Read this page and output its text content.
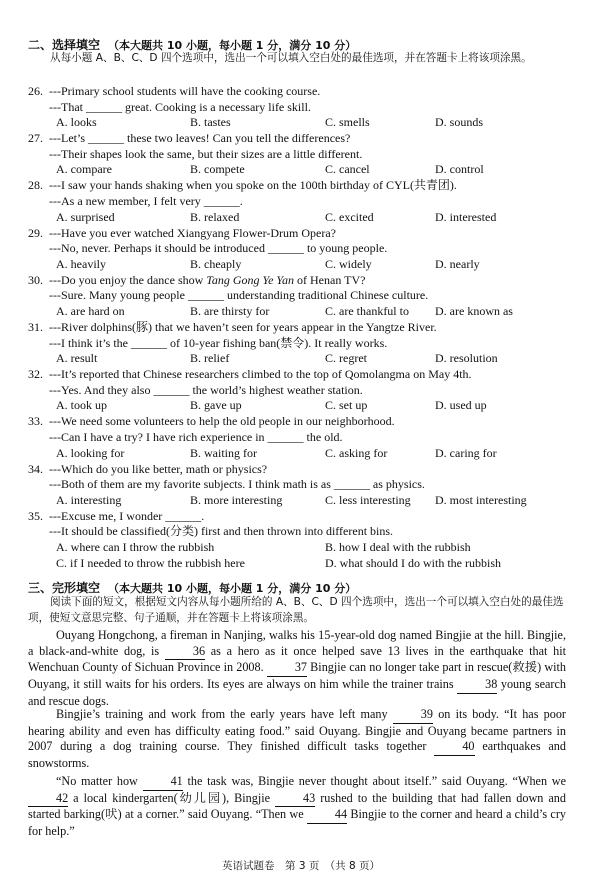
二、选择填空 （本大题共 10 小题，每小题 1 分，满分 10 分）
从每小题 A、B、C、D 四个选项中，选出一个可以填入空白处的最佳选项，并在答题卡上将该项涂黑。
26. ---Primary school students will have the cooking course.
---That ______ great. Cooking is a necessary life skill.
A. looks	B. tastes	C. smells	D. sounds
27. ---Let’s ______ these two leaves! Can you tell the differences?
---Their shapes look the same, but their sizes are a little different.
A. compare	B. compete	C. cancel	D. control
28. ---I saw your hands shaking when you spoke on the 100th birthday of CYL(共青团).
---As a new member, I felt very ______.
A. surprised	B. relaxed	C. excited	D. interested
29. ---Have you ever watched Xiangyang Flower-Drum Opera?
---No, never. Perhaps it should be introduced ______ to young people.
A. heavily	B. cheaply	C. widely	D. nearly
30. ---Do you enjoy the dance show Tang Gong Ye Yan of Henan TV?
---Sure. Many young people ______ understanding traditional Chinese culture.
A. are hard on	B. are thirsty for	C. are thankful to D. are known as
31. ---River dolphins(豚) that we haven’t seen for years appear in the Yangtze River.
---I think it’s the ______ of 10-year fishing ban(禁令). It really works.
A. result	B. relief	C. regret	D. resolution
32. ---It’s reported that Chinese researchers climbed to the top of Qomolangma on May 4th.
---Yes. And they also ______ the world’s highest weather station.
A. took up	B. gave up	C. set up	D. used up
33. ---We need some volunteers to help the old people in our neighborhood.
---Can I have a try? I have rich experience in ______ the old.
A. looking for	B. waiting for	C. asking for	D. caring for
34. ---Which do you like better, math or physics?
---Both of them are my favorite subjects. I think math is as ______ as physics.
A. interesting	B. more interesting	C. less interesting D. most interesting
35. ---Excuse me, I wonder ______.
---It should be classified(分类) first and then thrown into different bins.
A. where can I throw the rubbish	B. how I deal with the rubbish
C. if I needed to throw the rubbish here	D. what should I do with the rubbish
三、完形填空 （本大题共 10 小题，每小题 1 分，满分 10 分）
阅读下面的短文，根据短文内容从每小题所给的 A、B、C、D 四个选项中，选出一个可以填入空白处的最佳选项，使短文意思完整、句子通顺，并在答题卡上将该项涂黑。
Ouyang Hongchong, a fireman in Nanjing, walks his 15-year-old dog named Bingjie at the hill. Bingjie, a black-and-white dog, is 36 as a hero as it once helped save 13 lives in the earthquake that hit Wenchuan County of Sichuan Province in 2008. 37 Bingjie can no longer take part in rescue(救援) with Ouyang, it still waits for his orders. Its eyes are always on him while the trainer trains 38 young search and rescue dogs.
Bingjie’s training and work from the early years have left many 39 on its body. “It has poor hearing ability and even has difficulty eating food.” said Ouyang. Bingjie and Ouyang became partners in 2007 during a dog training course. They finished difficult tasks together 40 earthquakes and snowstorms.
“No matter how 41 the task was, Bingjie never thought about itself.” said Ouyang. “When we 42 a local kindergarten(幼儿园), Bingjie 43 rushed to the building that had fallen down and started barking(吠) at a corner.” said Ouyang. “Then we 44 Bingjie to the corner and heard a child’s cry for help.”
英语试题卷　第 3 页　（共 8 页）
